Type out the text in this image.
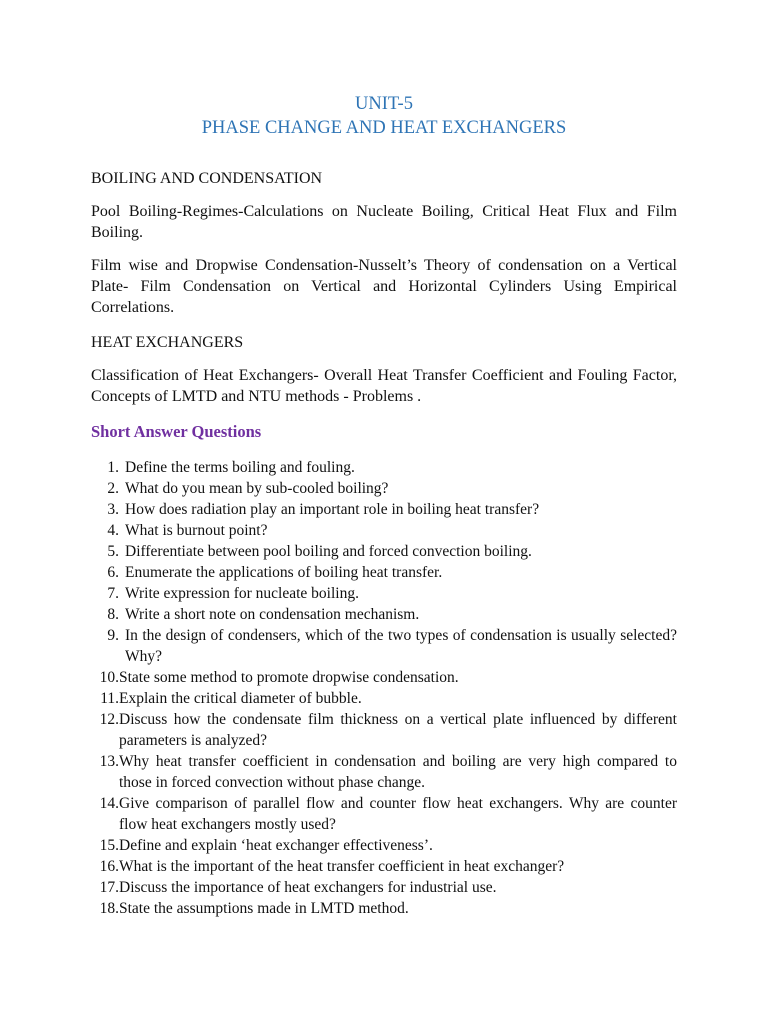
UNIT-5
PHASE CHANGE AND HEAT EXCHANGERS
BOILING AND CONDENSATION
Pool Boiling-Regimes-Calculations on Nucleate Boiling, Critical Heat Flux and Film Boiling.
Film wise and Dropwise Condensation-Nusselt’s Theory of condensation on a Vertical Plate- Film Condensation on Vertical and Horizontal Cylinders Using Empirical Correlations.
HEAT EXCHANGERS
Classification of Heat Exchangers- Overall Heat Transfer Coefficient and Fouling Factor, Concepts of LMTD and NTU methods - Problems .
Short Answer Questions
1. Define the terms boiling and fouling.
2. What do you mean by sub-cooled boiling?
3. How does radiation play an important role in boiling heat transfer?
4. What is burnout point?
5. Differentiate between pool boiling and forced convection boiling.
6. Enumerate the applications of boiling heat transfer.
7. Write expression for nucleate boiling.
8. Write a short note on condensation mechanism.
9. In the design of condensers, which of the two types of condensation is usually selected? Why?
10. State some method to promote dropwise condensation.
11. Explain the critical diameter of bubble.
12. Discuss how the condensate film thickness on a vertical plate influenced by different parameters is analyzed?
13. Why heat transfer coefficient in condensation and boiling are very high compared to those in forced convection without phase change.
14. Give comparison of parallel flow and counter flow heat exchangers. Why are counter flow heat exchangers mostly used?
15. Define and explain ‘heat exchanger effectiveness’.
16. What is the important of the heat transfer coefficient in heat exchanger?
17. Discuss the importance of heat exchangers for industrial use.
18. State the assumptions made in LMTD method.
